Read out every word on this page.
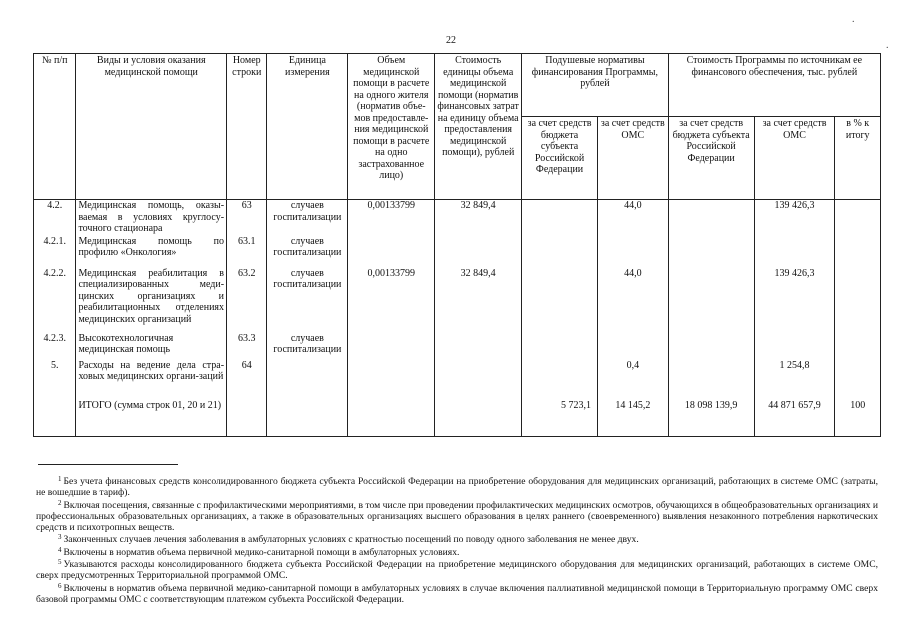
22
.
.
№ п/п	Виды и условия оказания медицинской помощи	Номер строки	Единица измерения	Объем медицинской помощи в расчете на одного жителя (норматив объе-мов предоставле-ния медицинской помощи в расчете на одно застрахованное лицо)	Стоимость единицы объема медицинской помощи (норматив финансовых затрат на единицу объема предоставления медицинской помощи), рублей	Подушевые нормативы финансирования Программы, рублей		Стоимость Программы по источникам ее финансового обеспечения, тыс. рублей		
						за счет средств бюджета субъекта Российской Федерации	за счет средств ОМС	за счет средств бюджета субъекта Российской Федерации	за счет средств ОМС	в % к итогу
4.2.	Медицинская помощь, оказы-ваемая в условиях круглосу-точного стационара	63	случаев госпитализации	0,00133799	32 849,4		44,0		139 426,3	
4.2.1.	Медицинская помощь по профилю «Онкология»	63.1	случаев госпитализации							
4.2.2.	Медицинская реабилитация в специализированных меди-цинских организациях и реабилитационных отделениях медицинских организаций	63.2	случаев госпитализации	0,00133799	32 849,4		44,0		139 426,3	
4.2.3.	Высокотехнологичная медицинская помощь	63.3	случаев госпитализации							
5.	Расходы на ведение дела стра-ховых медицинских органи-заций	64					0,4		1 254,8	
	ИТОГО (сумма строк 01, 20 и 21)					5 723,1	14 145,2	18 098 139,9	44 871 657,9	100

$^1$ Без учета финансовых средств консолидированного бюджета субъекта Российской Федерации на приобретение оборудования для медицинских организаций, работающих в системе ОМС (затраты, не вошедшие в тариф).

$^2$ Включая посещения, связанные с профилактическими мероприятиями, в том числе при проведении профилактических медицинских осмотров, обучающихся в общеобразовательных организациях и профессиональных образовательных организациях, а также в образовательных организациях высшего образования в целях раннего (своевременного) выявления незаконного потребления наркотических средств и психотропных веществ.

$^3$ Законченных случаев лечения заболевания в амбулаторных условиях с кратностью посещений по поводу одного заболевания не менее двух.

$^4$ Включены в норматив объема первичной медико-санитарной помощи в амбулаторных условиях.

$^5$ Указываются расходы консолидированного бюджета субъекта Российской Федерации на приобретение медицинского оборудования для медицинских организаций, работающих в системе ОМС, сверх предусмотренных Территориальной программой ОМС.

$^6$ Включены в норматив объема первичной медико-санитарной помощи в амбулаторных условиях в случае включения паллиативной медицинской помощи в Территориальную программу ОМС сверх базовой программы ОМС с соответствующим платежом субъекта Российской Федерации.
